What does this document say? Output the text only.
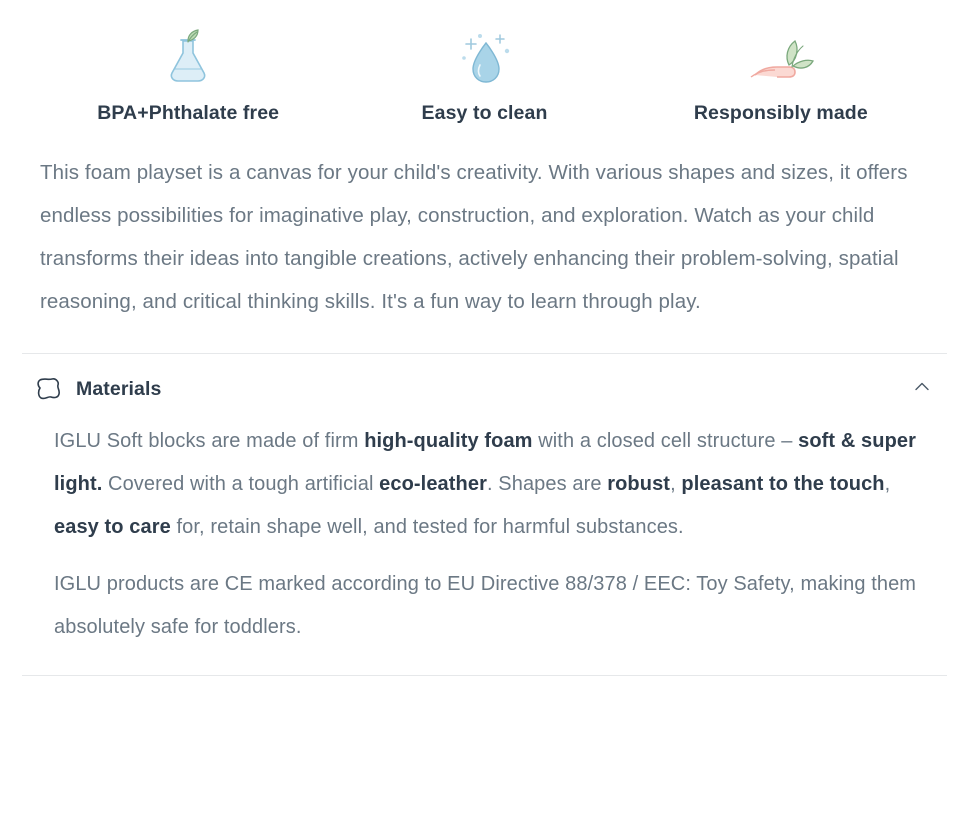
BPA+Phthalate free	Easy to clean	Responsibly made
This foam playset is a canvas for your child's creativity. With various shapes and sizes, it offers endless possibilities for imaginative play, construction, and exploration. Watch as your child transforms their ideas into tangible creations, actively enhancing their problem-solving, spatial reasoning, and critical thinking skills. It's a fun way to learn through play.
Materials

IGLU Soft blocks are made of firm high-quality foam with a closed cell structure – soft & super light. Covered with a tough artificial eco-leather. Shapes are robust, pleasant to the touch, easy to care for, retain shape well, and tested for harmful substances.

IGLU products are CE marked according to EU Directive 88/378 / EEC: Toy Safety, making them absolutely safe for toddlers.
